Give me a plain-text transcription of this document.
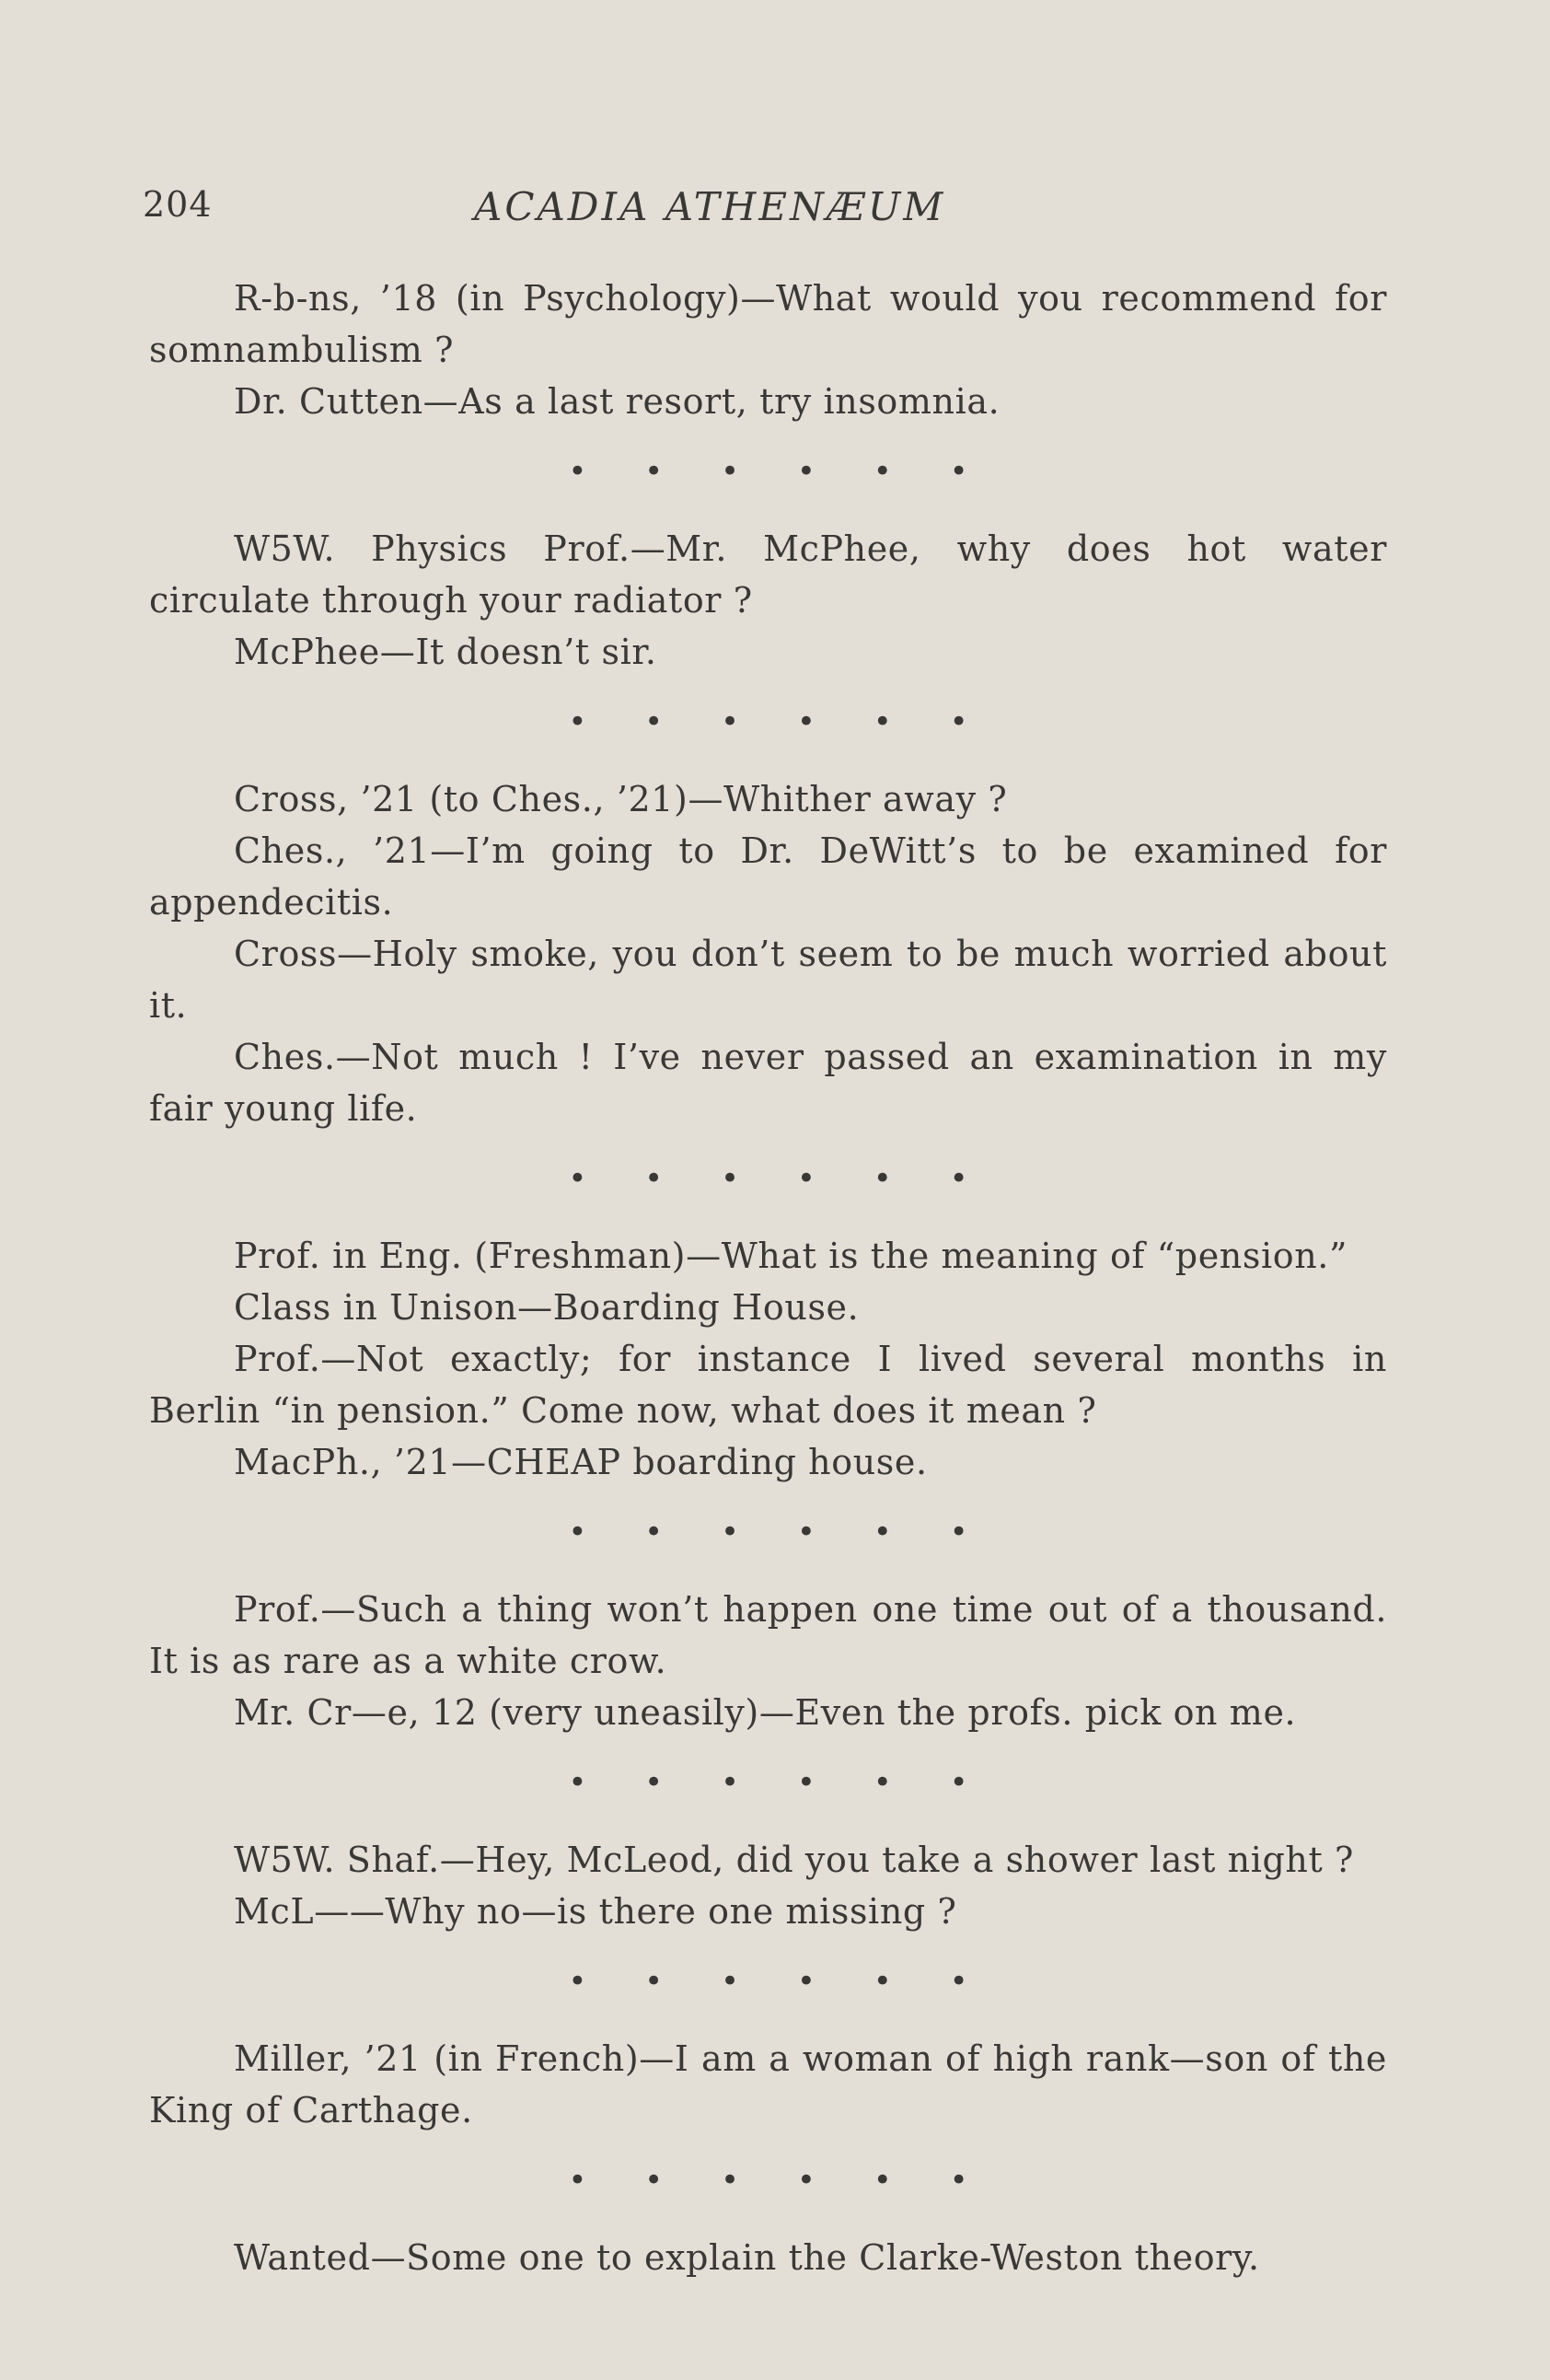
204	ACADIA ATHENÆUM

R-b-ns, ’18 (in Psychology)—What would you recommend for somnambulism ?

Dr. Cutten—As a last resort, try insomnia.

• • • • • •

W5W. Physics Prof.—Mr. McPhee, why does hot water circulate through your radiator ?

McPhee—It doesn’t sir.

• • • • • •

Cross, ’21 (to Ches., ’21)—Whither away ?

Ches., ’21—I’m going to Dr. DeWitt’s to be examined for appendecitis.

Cross—Holy smoke, you don’t seem to be much worried about it.

Ches.—Not much ! I’ve never passed an examination in my fair young life.

• • • • • •

Prof. in Eng. (Freshman)—What is the meaning of “pension.”

Class in Unison—Boarding House.

Prof.—Not exactly; for instance I lived several months in Berlin “in pension.” Come now, what does it mean ?

MacPh., ’21—CHEAP boarding house.

• • • • • •

Prof.—Such a thing won’t happen one time out of a thousand. It is as rare as a white crow.

Mr. Cr—e, 12 (very uneasily)—Even the profs. pick on me.

• • • • • •

W5W. Shaf.—Hey, McLeod, did you take a shower last night ?

McL——Why no—is there one missing ?

• • • • • •

Miller, ’21 (in French)—I am a woman of high rank—son of the King of Carthage.

• • • • • •

Wanted—Some one to explain the Clarke-Weston theory.
